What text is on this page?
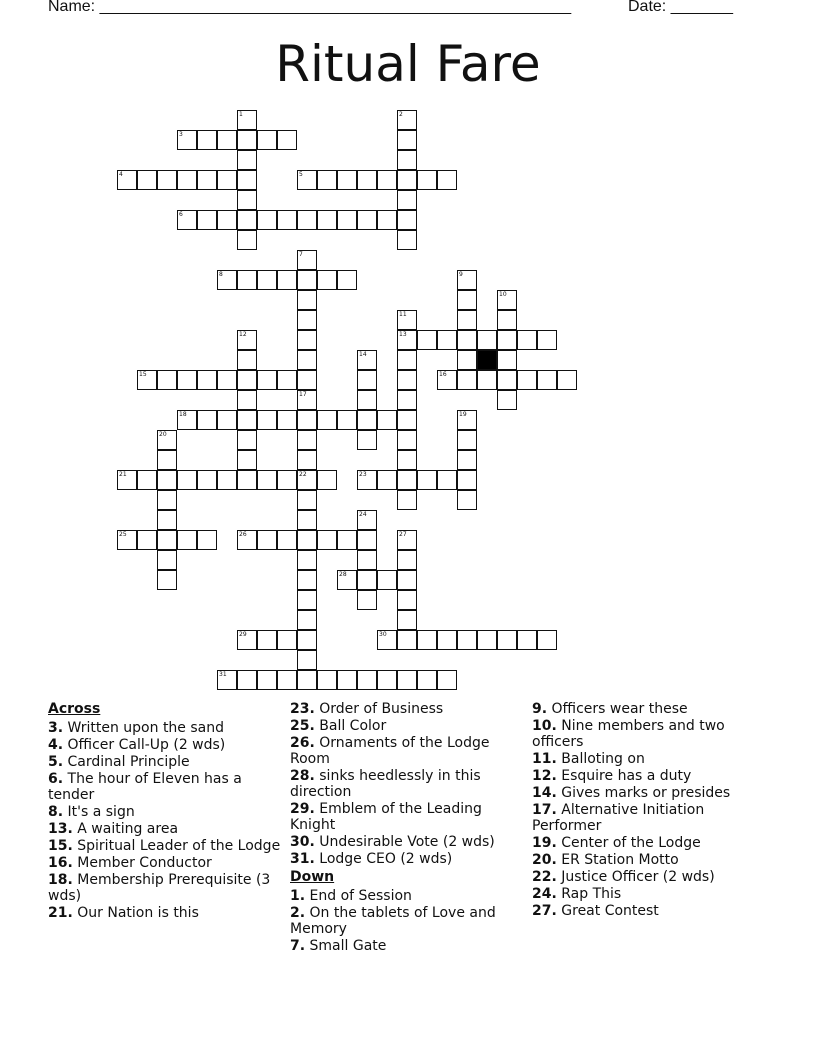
Name: _____________________________________________________	Date: _______
Ritual Fare
1	2
3
4	5
6
7
17
22
8	9
10
11
13
12
14
15	16
18	19
20
21	23
24
25	26	27
28
29	30
31
Across
3. Written upon the sand
4. Officer Call-Up (2 wds)
5. Cardinal Principle
6. The hour of Eleven has a tender
8. It's a sign
13. A waiting area
15. Spiritual Leader of the Lodge
16. Member Conductor
18. Membership Prerequisite (3 wds)
21. Our Nation is this
23. Order of Business
25. Ball Color
26. Ornaments of the Lodge Room
28. sinks heedlessly in this direction
29. Emblem of the Leading Knight
30. Undesirable Vote (2 wds)
31. Lodge CEO (2 wds)
Down
1. End of Session
2. On the tablets of Love and Memory
7. Small Gate
9. Officers wear these
10. Nine members and two officers
11. Balloting on
12. Esquire has a duty
14. Gives marks or presides
17. Alternative Initiation Performer
19. Center of the Lodge
20. ER Station Motto
22. Justice Officer (2 wds)
24. Rap This
27. Great Contest
